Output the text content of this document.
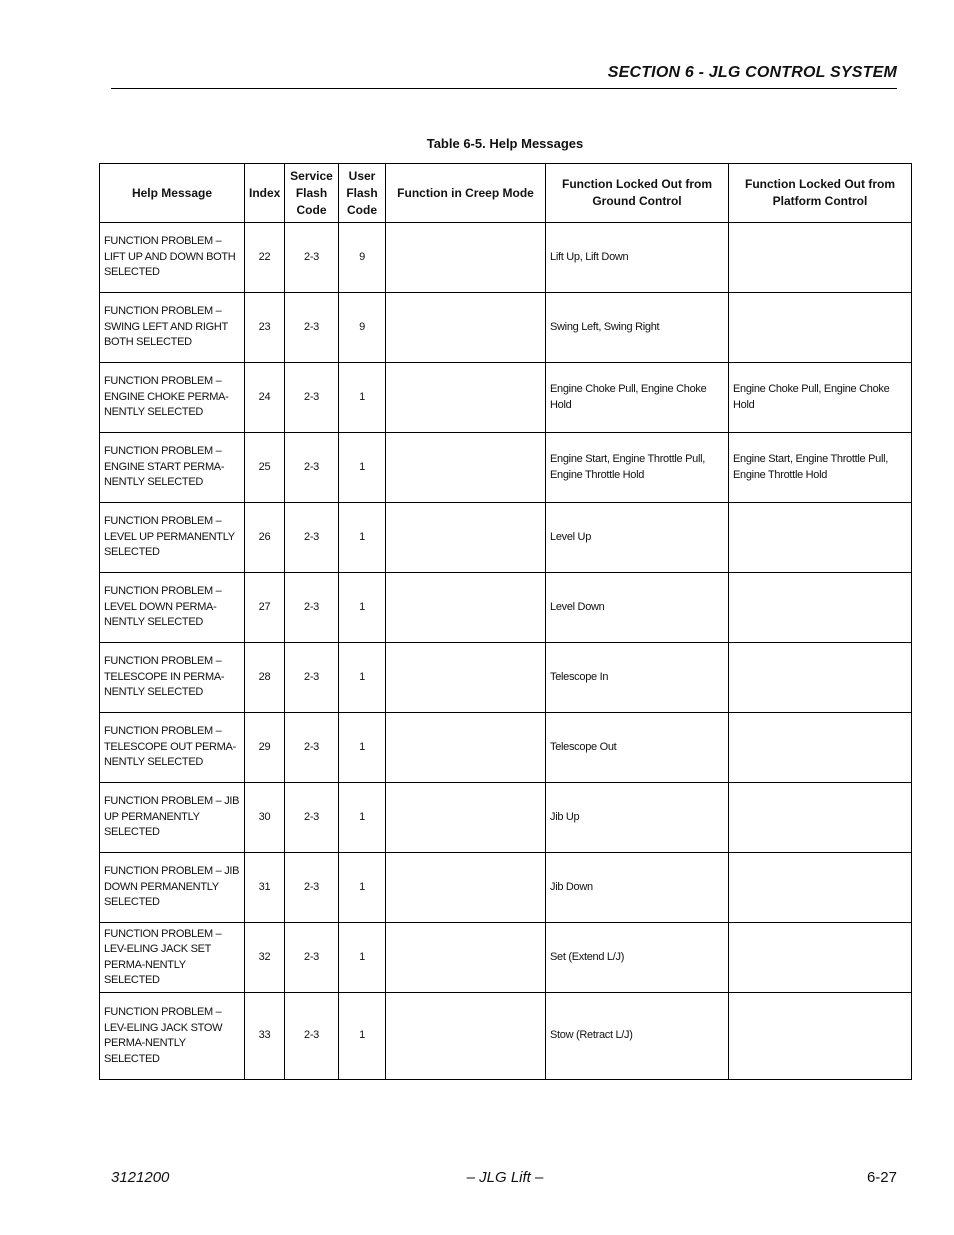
SECTION 6 - JLG CONTROL SYSTEM
Table 6-5. Help Messages
Help Message	Index	Service Flash Code	User Flash Code	Function in Creep Mode	Function Locked Out from Ground Control	Function Locked Out from Platform Control
FUNCTION PROBLEM – LIFT UP AND DOWN BOTH SELECTED	22	2-3	9		Lift Up, Lift Down	
FUNCTION PROBLEM – SWING LEFT AND RIGHT BOTH SELECTED	23	2-3	9		Swing Left, Swing Right	
FUNCTION PROBLEM – ENGINE CHOKE PERMA-NENTLY SELECTED	24	2-3	1		Engine Choke Pull, Engine Choke Hold	Engine Choke Pull, Engine Choke Hold
FUNCTION PROBLEM – ENGINE START PERMA-NENTLY SELECTED	25	2-3	1		Engine Start, Engine Throttle Pull, Engine Throttle Hold	Engine Start, Engine Throttle Pull, Engine Throttle Hold
FUNCTION PROBLEM – LEVEL UP PERMANENTLY SELECTED	26	2-3	1		Level Up	
FUNCTION PROBLEM – LEVEL DOWN PERMA-NENTLY SELECTED	27	2-3	1		Level Down	
FUNCTION PROBLEM – TELESCOPE IN PERMA-NENTLY SELECTED	28	2-3	1		Telescope In	
FUNCTION PROBLEM – TELESCOPE OUT PERMA-NENTLY SELECTED	29	2-3	1		Telescope Out	
FUNCTION PROBLEM – JIB UP PERMANENTLY SELECTED	30	2-3	1		Jib Up	
FUNCTION PROBLEM – JIB DOWN PERMANENTLY SELECTED	31	2-3	1		Jib Down	
FUNCTION PROBLEM – LEV-ELING JACK SET PERMA-NENTLY SELECTED	32	2-3	1		Set (Extend L/J)	
FUNCTION PROBLEM – LEV-ELING JACK STOW PERMA-NENTLY SELECTED	33	2-3	1		Stow (Retract L/J)	
3121200	– JLG Lift –	6-27
